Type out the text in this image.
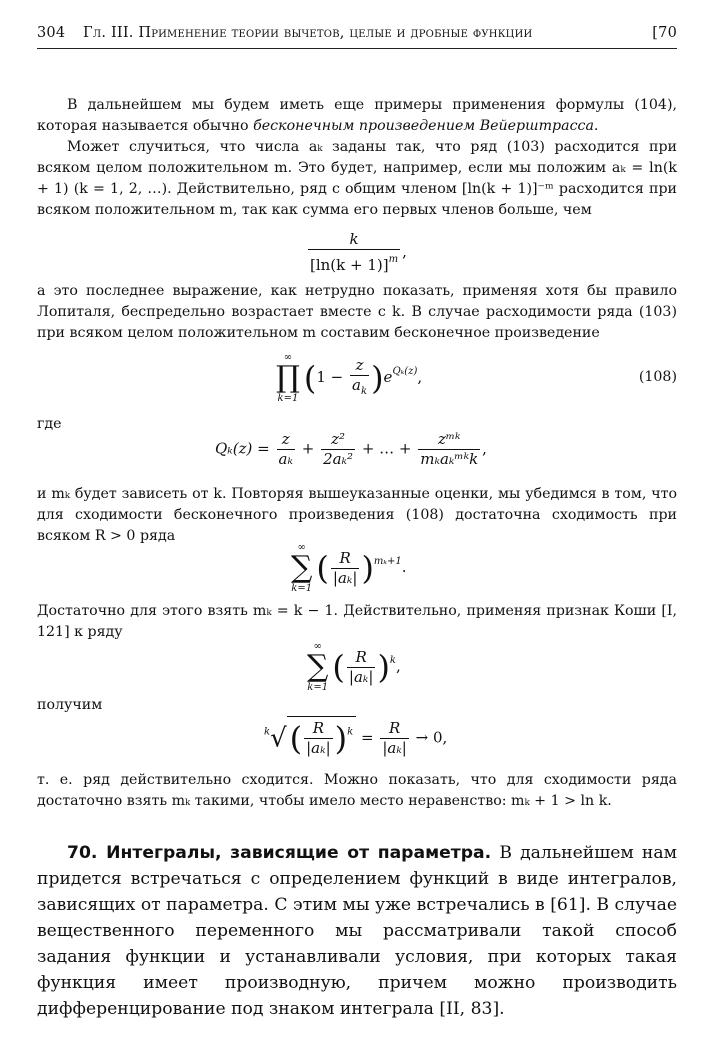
304 Гл. III. Применение теории вычетов, целые и дробные функции	[70

В дальнейшем мы будем иметь еще примеры применения формулы (104), которая называется обычно бесконечным произведением Вейерштрасса.

Может случиться, что числа aₖ заданы так, что ряд (103) расходится при всяком целом положительном m. Это будет, например, если мы положим aₖ = ln(k + 1) (k = 1, 2, …). Действительно, ряд с общим членом [ln(k + 1)]⁻ᵐ расходится при всяком положительном m, так как сумма его первых членов больше, чем

$\frac{k}{[\ln(k + 1)]^m}$ ,

а это последнее выражение, как нетрудно показать, применяя хотя бы правило Лопиталя, беспредельно возрастает вместе с k. В случае расходимости ряда (103) при всяком целом положительном m составим бесконечное произведение

∞
∏
k=1
$(1 - \frac{z}{a_k} )e^{Q_k(z)}$,	(108)

где

$Q_k(z) = \frac{z}{\text{aₖ}} + \frac{\text{z²}}{\text{2aₖ²}}$ + … + $\frac{\text{zᵐᵏ}}{\text{mₖaₖᵐᵏk}}$ ,

и mₖ будет зависеть от k. Повторяя вышеуказанные оценки, мы убедимся в том, что для сходимости бесконечного произведения (108) достаточна сходимость при всяком R > 0 ряда

∞
∑
k=1
( $\frac{R}{\text{|aₖ|}} )^{m_k+1}$.

Достаточно для этого взять mₖ = k − 1. Действительно, применяя признак Коши [I, 121] к ряду

∞
∑
k=1
( $\frac{R}{\text{|aₖ|}} )^k$,

получим

$^k√( \frac{R}{\text{|aₖ|}} )^k = \frac{R}{\text{|aₖ|}} \to 0$,

т. е. ряд действительно сходится. Можно показать, что для сходимости ряда достаточно взять mₖ такими, чтобы имело место неравенство: mₖ + 1 > ln k.

70. Интегралы, зависящие от параметра. В дальнейшем нам придется встречаться с определением функций в виде интегралов, зависящих от параметра. С этим мы уже встречались в [61]. В случае вещественного переменного мы рассматривали такой способ задания функции и устанавливали условия, при которых такая функция имеет производную, причем можно производить дифференцирование под знаком интеграла [II, 83].
